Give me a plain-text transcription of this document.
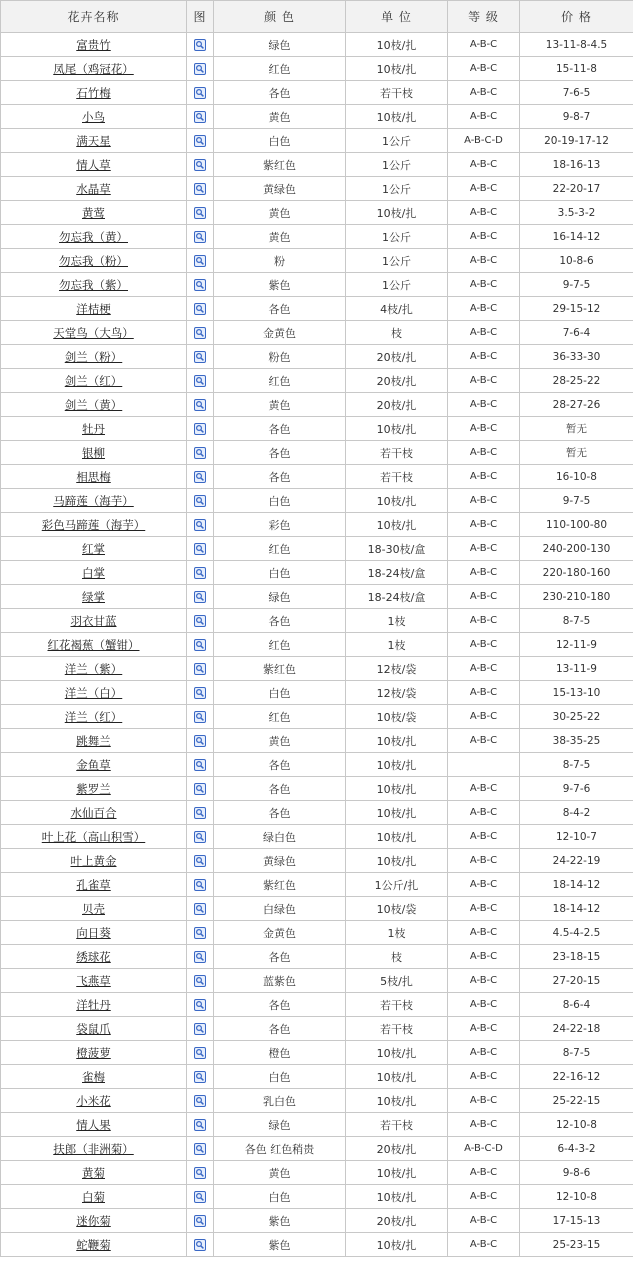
花卉名称	图	颜 色	单 位	等 级	价 格
富贵竹		绿色	10枝/扎	A-B-C	13-11-8-4.5
凤尾（鸡冠花）		红色	10枝/扎	A-B-C	15-11-8
石竹梅		各色	若干枝	A-B-C	7-6-5
小鸟		黄色	10枝/扎	A-B-C	9-8-7
满天星		白色	1公斤	A-B-C-D	20-19-17-12
情人草		紫红色	1公斤	A-B-C	18-16-13
水晶草		黄绿色	1公斤	A-B-C	22-20-17
黄莺		黄色	10枝/扎	A-B-C	3.5-3-2
勿忘我（黄）		黄色	1公斤	A-B-C	16-14-12
勿忘我（粉）		粉	1公斤	A-B-C	10-8-6
勿忘我（紫）		紫色	1公斤	A-B-C	9-7-5
洋桔梗		各色	4枝/扎	A-B-C	29-15-12
天堂鸟（大鸟）		金黄色	枝	A-B-C	7-6-4
剑兰（粉）		粉色	20枝/扎	A-B-C	36-33-30
剑兰（红）		红色	20枝/扎	A-B-C	28-25-22
剑兰（黄）		黄色	20枝/扎	A-B-C	28-27-26
牡丹		各色	10枝/扎	A-B-C	暂无
银柳		各色	若干枝	A-B-C	暂无
相思梅		各色	若干枝	A-B-C	16-10-8
马蹄莲（海芋）		白色	10枝/扎	A-B-C	9-7-5
彩色马蹄莲（海芋）		彩色	10枝/扎	A-B-C	110-100-80
红掌		红色	18-30枝/盒	A-B-C	240-200-130
白掌		白色	18-24枝/盒	A-B-C	220-180-160
绿掌		绿色	18-24枝/盒	A-B-C	230-210-180
羽衣甘蓝		各色	1枝	A-B-C	8-7-5
红花褐蕉（蟹钳）		红色	1枝	A-B-C	12-11-9
洋兰（紫）		紫红色	12枝/袋	A-B-C	13-11-9
洋兰（白）		白色	12枝/袋	A-B-C	15-13-10
洋兰（红）		红色	10枝/袋	A-B-C	30-25-22
跳舞兰		黄色	10枝/扎	A-B-C	38-35-25
金鱼草		各色	10枝/扎		8-7-5
紫罗兰		各色	10枝/扎	A-B-C	9-7-6
水仙百合		各色	10枝/扎	A-B-C	8-4-2
叶上花（高山积雪）		绿白色	10枝/扎	A-B-C	12-10-7
叶上黄金		黄绿色	10枝/扎	A-B-C	24-22-19
孔雀草		紫红色	1公斤/扎	A-B-C	18-14-12
贝壳		白绿色	10枝/袋	A-B-C	18-14-12
向日葵		金黄色	1枝	A-B-C	4.5-4-2.5
绣球花		各色	枝	A-B-C	23-18-15
飞燕草		蓝紫色	5枝/扎	A-B-C	27-20-15
洋牡丹		各色	若干枝	A-B-C	8-6-4
袋鼠爪		各色	若干枝	A-B-C	24-22-18
橙菠萝		橙色	10枝/扎	A-B-C	8-7-5
雀梅		白色	10枝/扎	A-B-C	22-16-12
小米花		乳白色	10枝/扎	A-B-C	25-22-15
情人果		绿色	若干枝	A-B-C	12-10-8
扶郎（非洲菊）		各色 红色稍贵	20枝/扎	A-B-C-D	6-4-3-2
黄菊		黄色	10枝/扎	A-B-C	9-8-6
白菊		白色	10枝/扎	A-B-C	12-10-8
迷你菊		紫色	20枝/扎	A-B-C	17-15-13
蛇鞭菊		紫色	10枝/扎	A-B-C	25-23-15
